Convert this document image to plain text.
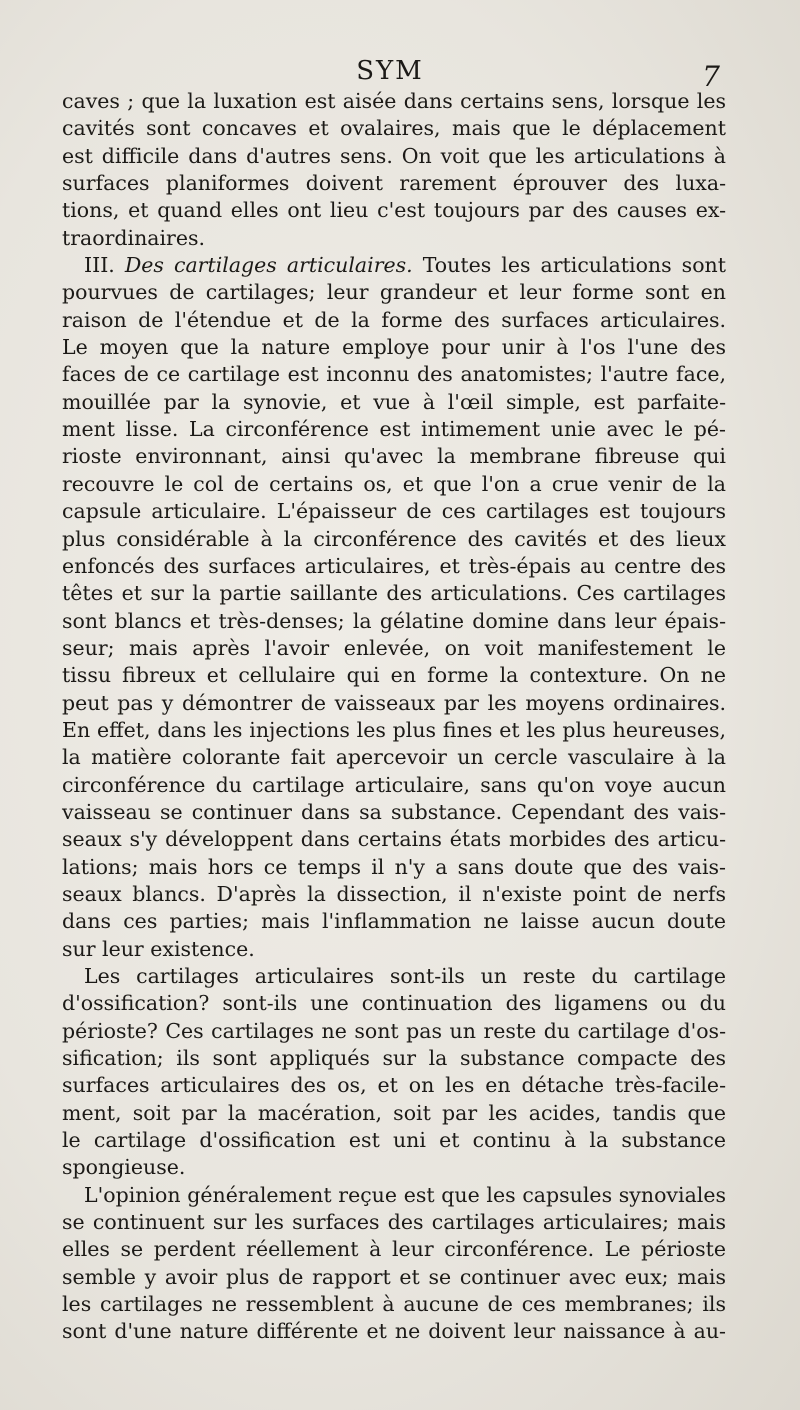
SYM	7
caves ; que la luxation est aisée dans certains sens, lorsque les
cavités sont concaves et ovalaires, mais que le déplacement
est difficile dans d'autres sens. On voit que les articulations à
surfaces planiformes doivent rarement éprouver des luxa-
tions, et quand elles ont lieu c'est toujours par des causes ex-
traordinaires.
III. Des cartilages articulaires. Toutes les articulations sont
pourvues de cartilages; leur grandeur et leur forme sont en
raison de l'étendue et de la forme des surfaces articulaires.
Le moyen que la nature employe pour unir à l'os l'une des
faces de ce cartilage est inconnu des anatomistes; l'autre face,
mouillée par la synovie, et vue à l'œil simple, est parfaite-
ment lisse. La circonférence est intimement unie avec le pé-
rioste environnant, ainsi qu'avec la membrane fibreuse qui
recouvre le col de certains os, et que l'on a crue venir de la
capsule articulaire. L'épaisseur de ces cartilages est toujours
plus considérable à la circonférence des cavités et des lieux
enfoncés des surfaces articulaires, et très-épais au centre des
têtes et sur la partie saillante des articulations. Ces cartilages
sont blancs et très-denses; la gélatine domine dans leur épais-
seur; mais après l'avoir enlevée, on voit manifestement le
tissu fibreux et cellulaire qui en forme la contexture. On ne
peut pas y démontrer de vaisseaux par les moyens ordinaires.
En effet, dans les injections les plus fines et les plus heureuses,
la matière colorante fait apercevoir un cercle vasculaire à la
circonférence du cartilage articulaire, sans qu'on voye aucun
vaisseau se continuer dans sa substance. Cependant des vais-
seaux s'y développent dans certains états morbides des articu-
lations; mais hors ce temps il n'y a sans doute que des vais-
seaux blancs. D'après la dissection, il n'existe point de nerfs
dans ces parties; mais l'inflammation ne laisse aucun doute
sur leur existence.
Les cartilages articulaires sont-ils un reste du cartilage
d'ossification? sont-ils une continuation des ligamens ou du
périoste? Ces cartilages ne sont pas un reste du cartilage d'os-
sification; ils sont appliqués sur la substance compacte des
surfaces articulaires des os, et on les en détache très-facile-
ment, soit par la macération, soit par les acides, tandis que
le cartilage d'ossification est uni et continu à la substance
spongieuse.
L'opinion généralement reçue est que les capsules synoviales
se continuent sur les surfaces des cartilages articulaires; mais
elles se perdent réellement à leur circonférence. Le périoste
semble y avoir plus de rapport et se continuer avec eux; mais
les cartilages ne ressemblent à aucune de ces membranes; ils
sont d'une nature différente et ne doivent leur naissance à au-
